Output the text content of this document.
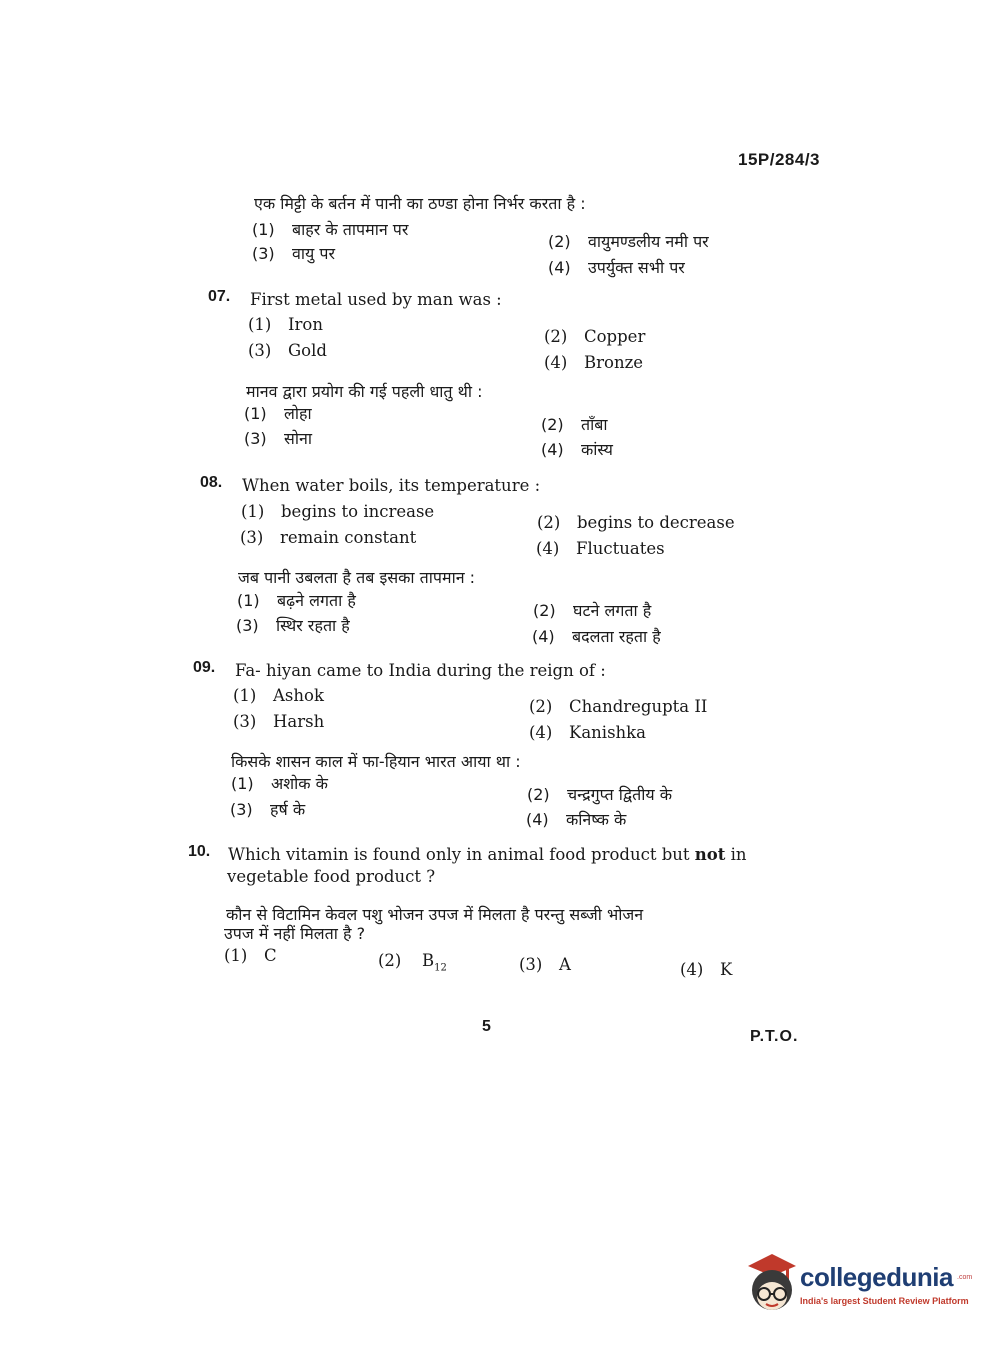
15P/284/3
एक मिट्टी के बर्तन में पानी का ठण्डा होना निर्भर करता है :
(1) बाहर के तापमान पर
(2) वायुमण्डलीय नमी पर
(3) वायु पर
(4) उपर्युक्त सभी पर
07. First metal used by man was :
(1) Iron
(2) Copper
(3) Gold
(4) Bronze
मानव द्वारा प्रयोग की गई पहली धातु थी :
(1) लोहा
(2) ताँबा
(3) सोना
(4) कांस्य
08. When water boils, its temperature :
(1) begins to increase
(2) begins to decrease
(3) remain constant
(4) Fluctuates
जब पानी उबलता है तब इसका तापमान :
(1) बढ़ने लगता है
(2) घटने लगता है
(3) स्थिर रहता है
(4) बदलता रहता है
09. Fa- hiyan came to India during the reign of :
(1) Ashok
(2) Chandregupta II
(3) Harsh
(4) Kanishka
किसके शासन काल में फा-हियान भारत आया था :
(1) अशोक के
(2) चन्द्रगुप्त द्वितीय के
(3) हर्ष के
(4) कनिष्क के
10. Which vitamin is found only in animal food product but not in
vegetable food product ?
कौन से विटामिन केवल पशु भोजन उपज में मिलता है परन्तु सब्जी भोजन
उपज में नहीं मिलता है ?
(1) C	(2) $B_{12}$	(3) A	(4) K
5
P.T.O.
collegedunia .com
India's largest Student Review Platform
